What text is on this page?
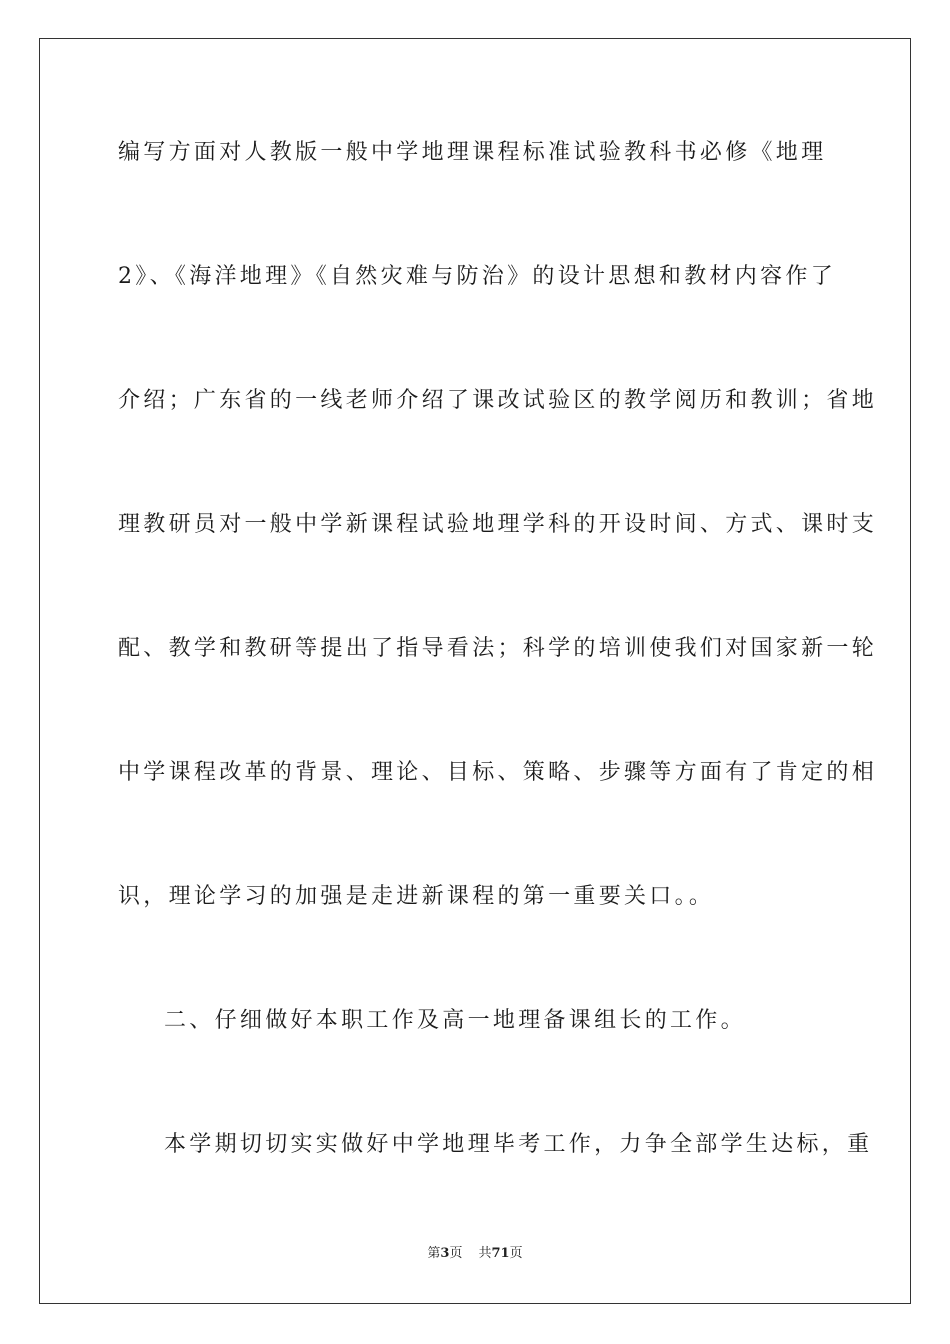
编写方面对人教版一般中学地理课程标准试验教科书必修《地理
2》、《海洋地理》《自然灾难与防治》的设计思想和教材内容作了
介绍；广东省的一线老师介绍了课改试验区的教学阅历和教训；省地
理教研员对一般中学新课程试验地理学科的开设时间、方式、课时支
配、教学和教研等提出了指导看法；科学的培训使我们对国家新一轮
中学课程改革的背景、理论、目标、策略、步骤等方面有了肯定的相
识，理论学习的加强是走进新课程的第一重要关口。。
二、仔细做好本职工作及高一地理备课组长的工作。
本学期切切实实做好中学地理毕考工作，力争全部学生达标，重
第3页 共71页
